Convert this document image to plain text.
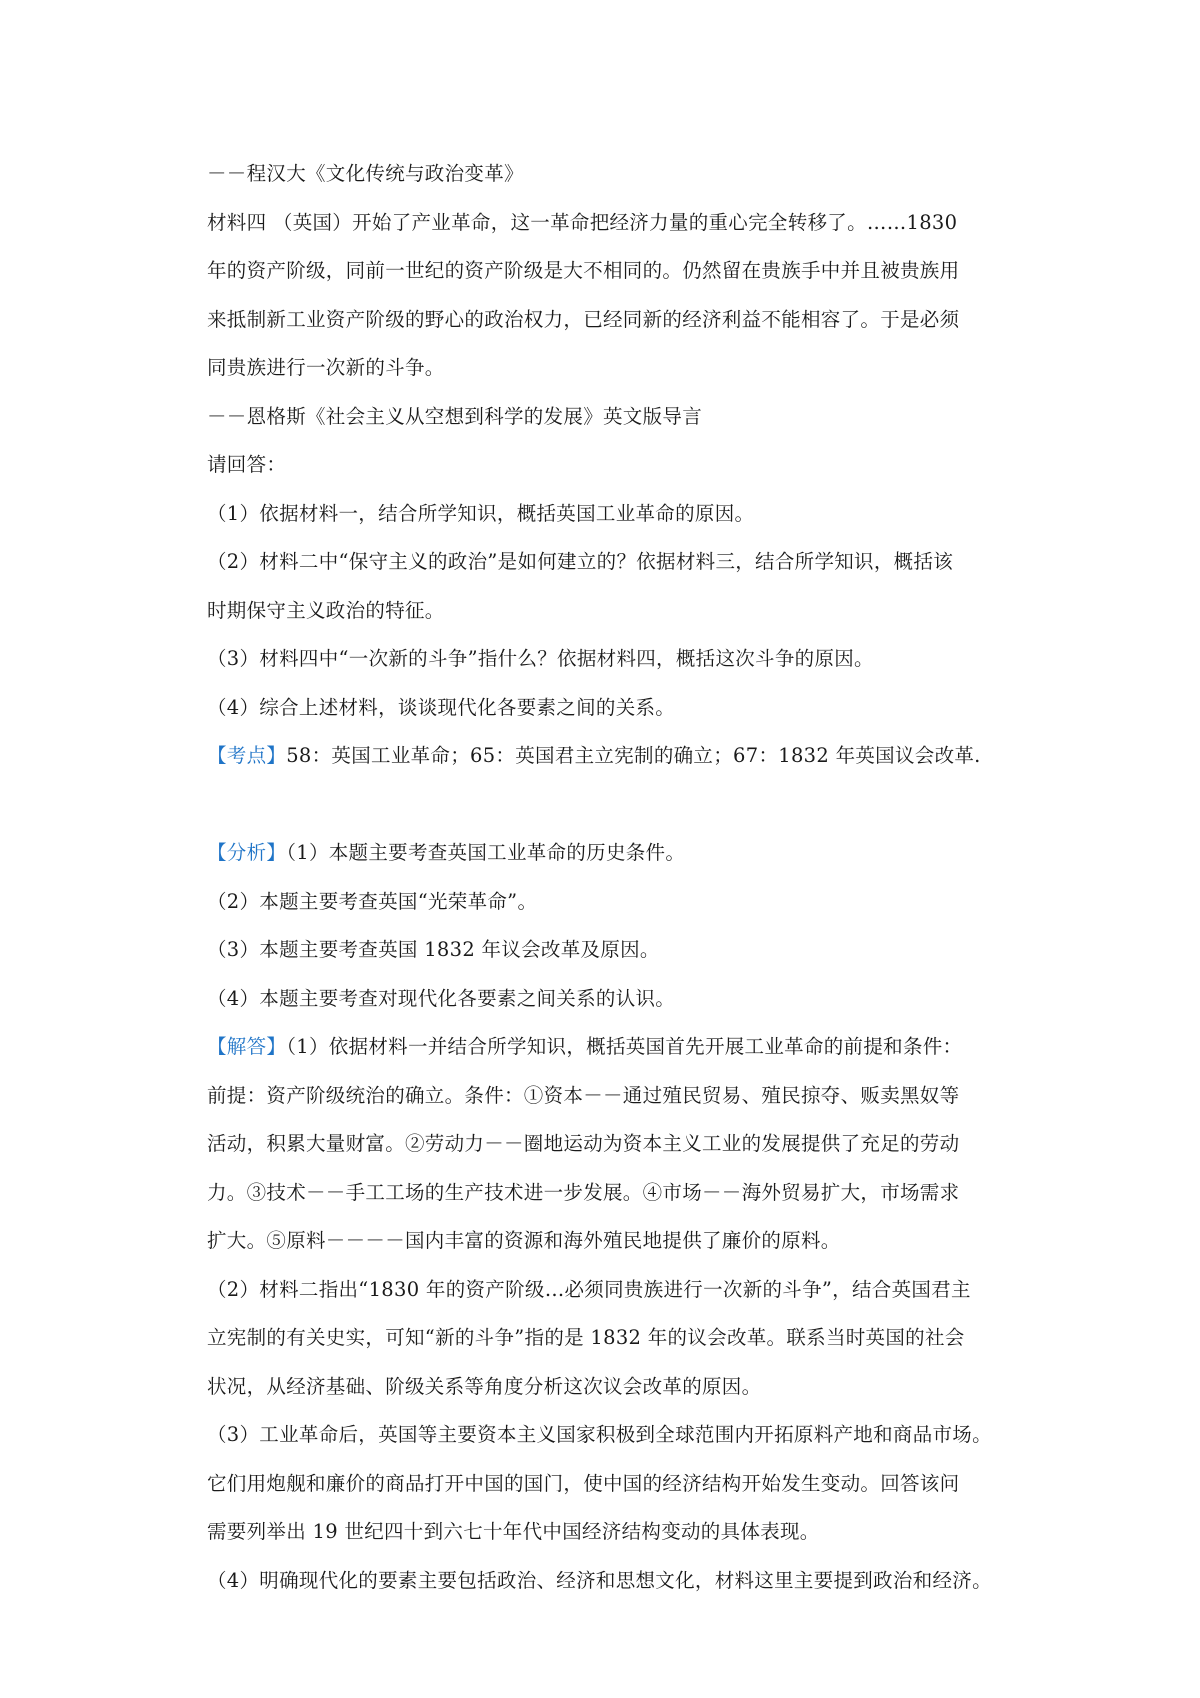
－－程汉大《文化传统与政治变革》
材料四 （英国）开始了产业革命，这一革命把经济力量的重心完全转移了。……1830
年的资产阶级，同前一世纪的资产阶级是大不相同的。仍然留在贵族手中并且被贵族用
来抵制新工业资产阶级的野心的政治权力，已经同新的经济利益不能相容了。于是必须
同贵族进行一次新的斗争。
－－恩格斯《社会主义从空想到科学的发展》英文版导言
请回答：
（1）依据材料一，结合所学知识，概括英国工业革命的原因。
（2）材料二中“保守主义的政治”是如何建立的？依据材料三，结合所学知识，概括该
时期保守主义政治的特征。
（3）材料四中“一次新的斗争”指什么？依据材料四，概括这次斗争的原因。
（4）综合上述材料，谈谈现代化各要素之间的关系。
【考点】58：英国工业革命；65：英国君主立宪制的确立；67：1832 年英国议会改革.
【分析】（1）本题主要考查英国工业革命的历史条件。
（2）本题主要考查英国“光荣革命”。
（3）本题主要考查英国 1832 年议会改革及原因。
（4）本题主要考查对现代化各要素之间关系的认识。
【解答】（1）依据材料一并结合所学知识，概括英国首先开展工业革命的前提和条件：
前提：资产阶级统治的确立。条件：①资本－－通过殖民贸易、殖民掠夺、贩卖黑奴等
活动，积累大量财富。②劳动力－－圈地运动为资本主义工业的发展提供了充足的劳动
力。③技术－－手工工场的生产技术进一步发展。④市场－－海外贸易扩大，市场需求
扩大。⑤原料－－－－国内丰富的资源和海外殖民地提供了廉价的原料。
（2）材料二指出“1830 年的资产阶级…必须同贵族进行一次新的斗争”，结合英国君主
立宪制的有关史实，可知“新的斗争”指的是 1832 年的议会改革。联系当时英国的社会
状况，从经济基础、阶级关系等角度分析这次议会改革的原因。
（3）工业革命后，英国等主要资本主义国家积极到全球范围内开拓原料产地和商品市场。
它们用炮舰和廉价的商品打开中国的国门，使中国的经济结构开始发生变动。回答该问
需要列举出 19 世纪四十到六七十年代中国经济结构变动的具体表现。
（4）明确现代化的要素主要包括政治、经济和思想文化，材料这里主要提到政治和经济。
